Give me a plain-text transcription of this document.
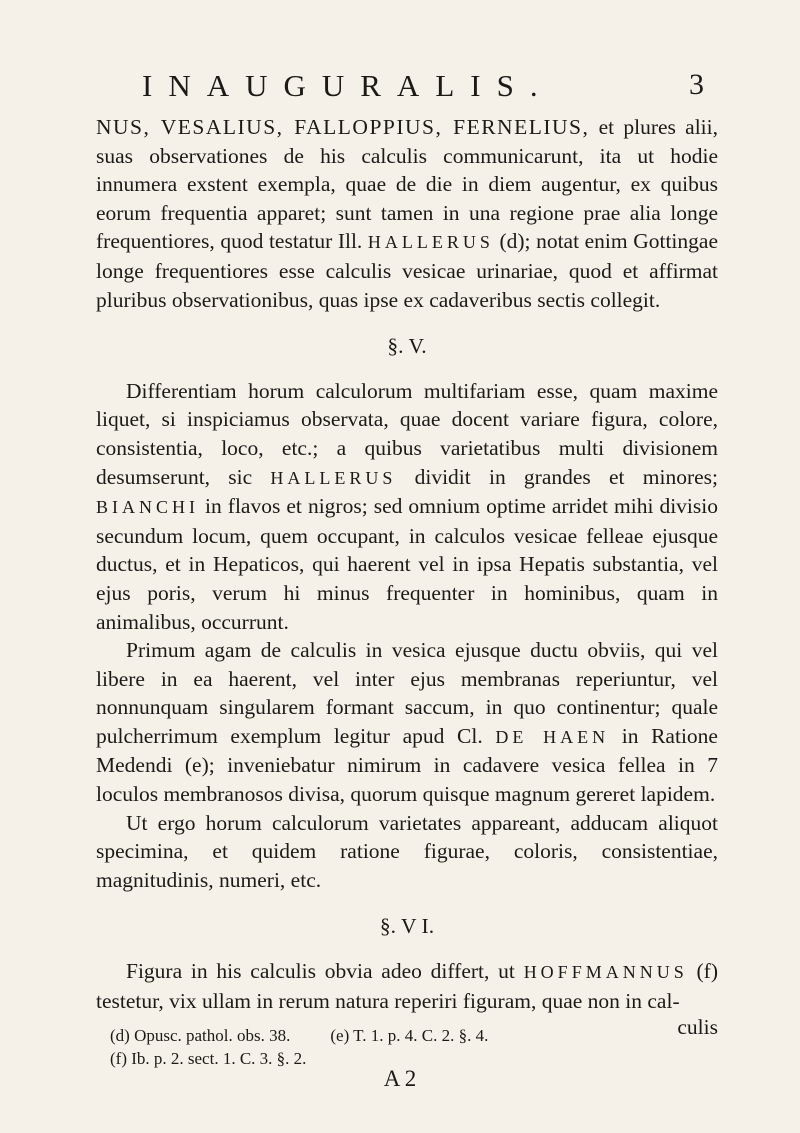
INAUGURALIS.	3

NUS, VESALIUS, FALLOPPIUS, FERNELIUS, et plures alii, suas observationes de his calculis communicarunt, ita ut hodie innumera exstent exempla, quae de die in diem augentur, ex quibus eorum frequentia apparet; sunt tamen in una regione prae alia longe frequentiores, quod testatur Ill. HALLERUS (d); notat enim Gottingae longe frequentiores esse calculis vesicae urinariae, quod et affirmat pluribus observationibus, quas ipse ex cadaveribus sectis collegit.

§. V.

Differentiam horum calculorum multifariam esse, quam maxime liquet, si inspiciamus observata, quae docent variare figura, colore, consistentia, loco, etc.; a quibus varietatibus multi divisionem desumserunt, sic HALLERUS dividit in grandes et minores; BIANCHI in flavos et nigros; sed omnium optime arridet mihi divisio secundum locum, quem occupant, in calculos vesicae felleae ejusque ductus, et in Hepaticos, qui haerent vel in ipsa Hepatis substantia, vel ejus poris, verum hi minus frequenter in hominibus, quam in animalibus, occurrunt.

Primum agam de calculis in vesica ejusque ductu obviis, qui vel libere in ea haerent, vel inter ejus membranas reperiuntur, vel nonnunquam singularem formant saccum, in quo continentur; quale pulcherrimum exemplum legitur apud Cl. DE HAEN in Ratione Medendi (e); inveniebatur nimirum in cadavere vesica fellea in 7 loculos membranosos divisa, quorum quisque magnum gereret lapidem.

Ut ergo horum calculorum varietates appareant, adducam aliquot specimina, et quidem ratione figurae, coloris, consistentiae, magnitudinis, numeri, etc.

§. V I.

Figura in his calculis obvia adeo differt, ut HOFFMANNUS (f) testetur, vix ullam in rerum natura reperiri figuram, quae non in cal-

culis
(d) Opusc. pathol. obs. 38. (e) T. 1. p. 4. C. 2. §. 4.
(f) Ib. p. 2. sect. 1. C. 3. §. 2.
A 2
